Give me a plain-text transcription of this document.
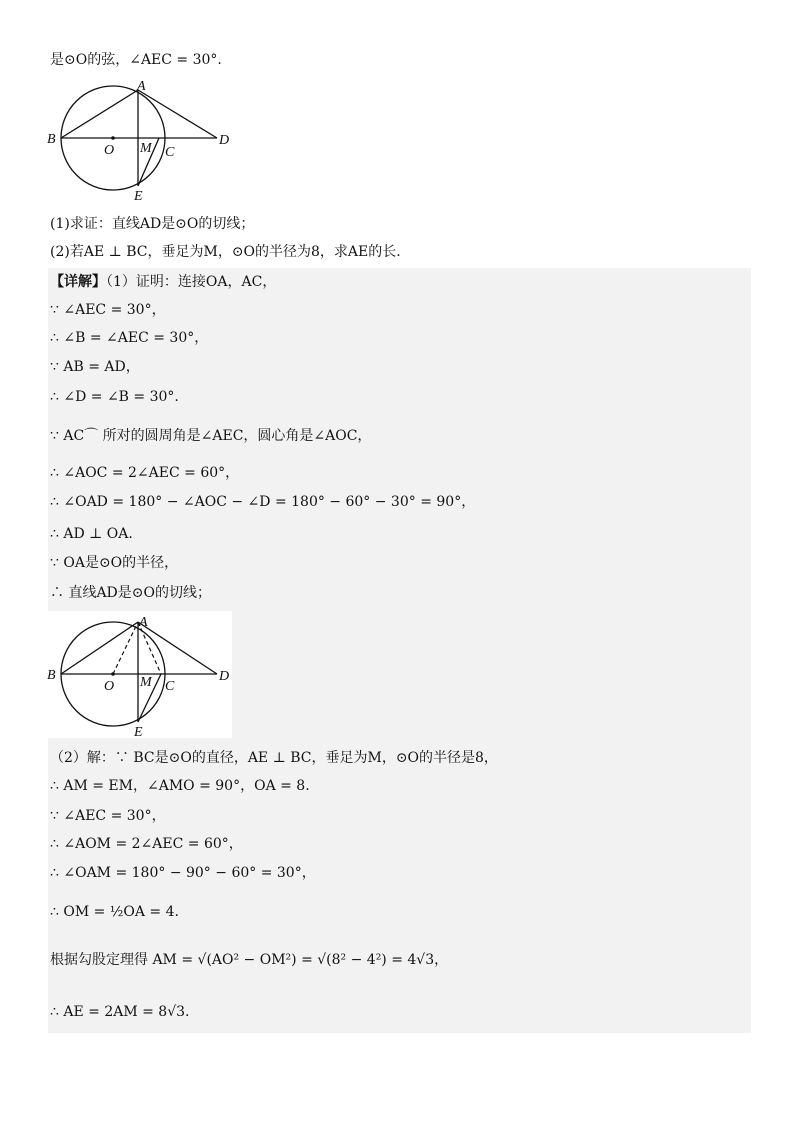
是⊙O的弦，∠AEC = 30°.
A
B
O M C
D
E
(1)求证：直线AD是⊙O的切线；
(2)若AE ⊥ BC，垂足为M，⊙O的半径为8，求AE的长.
【详解】（1）证明：连接OA，AC，
∵ ∠AEC = 30°，
∴ ∠B = ∠AEC = 30°，
∵ AB = AD，
∴ ∠D = ∠B = 30°.
∵ AC⌒ 所对的圆周角是∠AEC，圆心角是∠AOC，
∴ ∠AOC = 2∠AEC = 60°，
∴ ∠OAD = 180° − ∠AOC − ∠D = 180° − 60° − 30° = 90°，
∴ AD ⊥ OA.
∵ OA是⊙O的半径，
∴ 直线AD是⊙O的切线；
A
B
O M C
D
E
（2）解：∵ BC是⊙O的直径，AE ⊥ BC，垂足为M，⊙O的半径是8，
∴ AM = EM，∠AMO = 90°，OA = 8.
∵ ∠AEC = 30°，
∴ ∠AOM = 2∠AEC = 60°，
∴ ∠OAM = 180° − 90° − 60° = 30°，
∴ OM = ½OA = 4.
根据勾股定理得 AM = √(AO² − OM²) = √(8² − 4²) = 4√3，
∴ AE = 2AM = 8√3.
